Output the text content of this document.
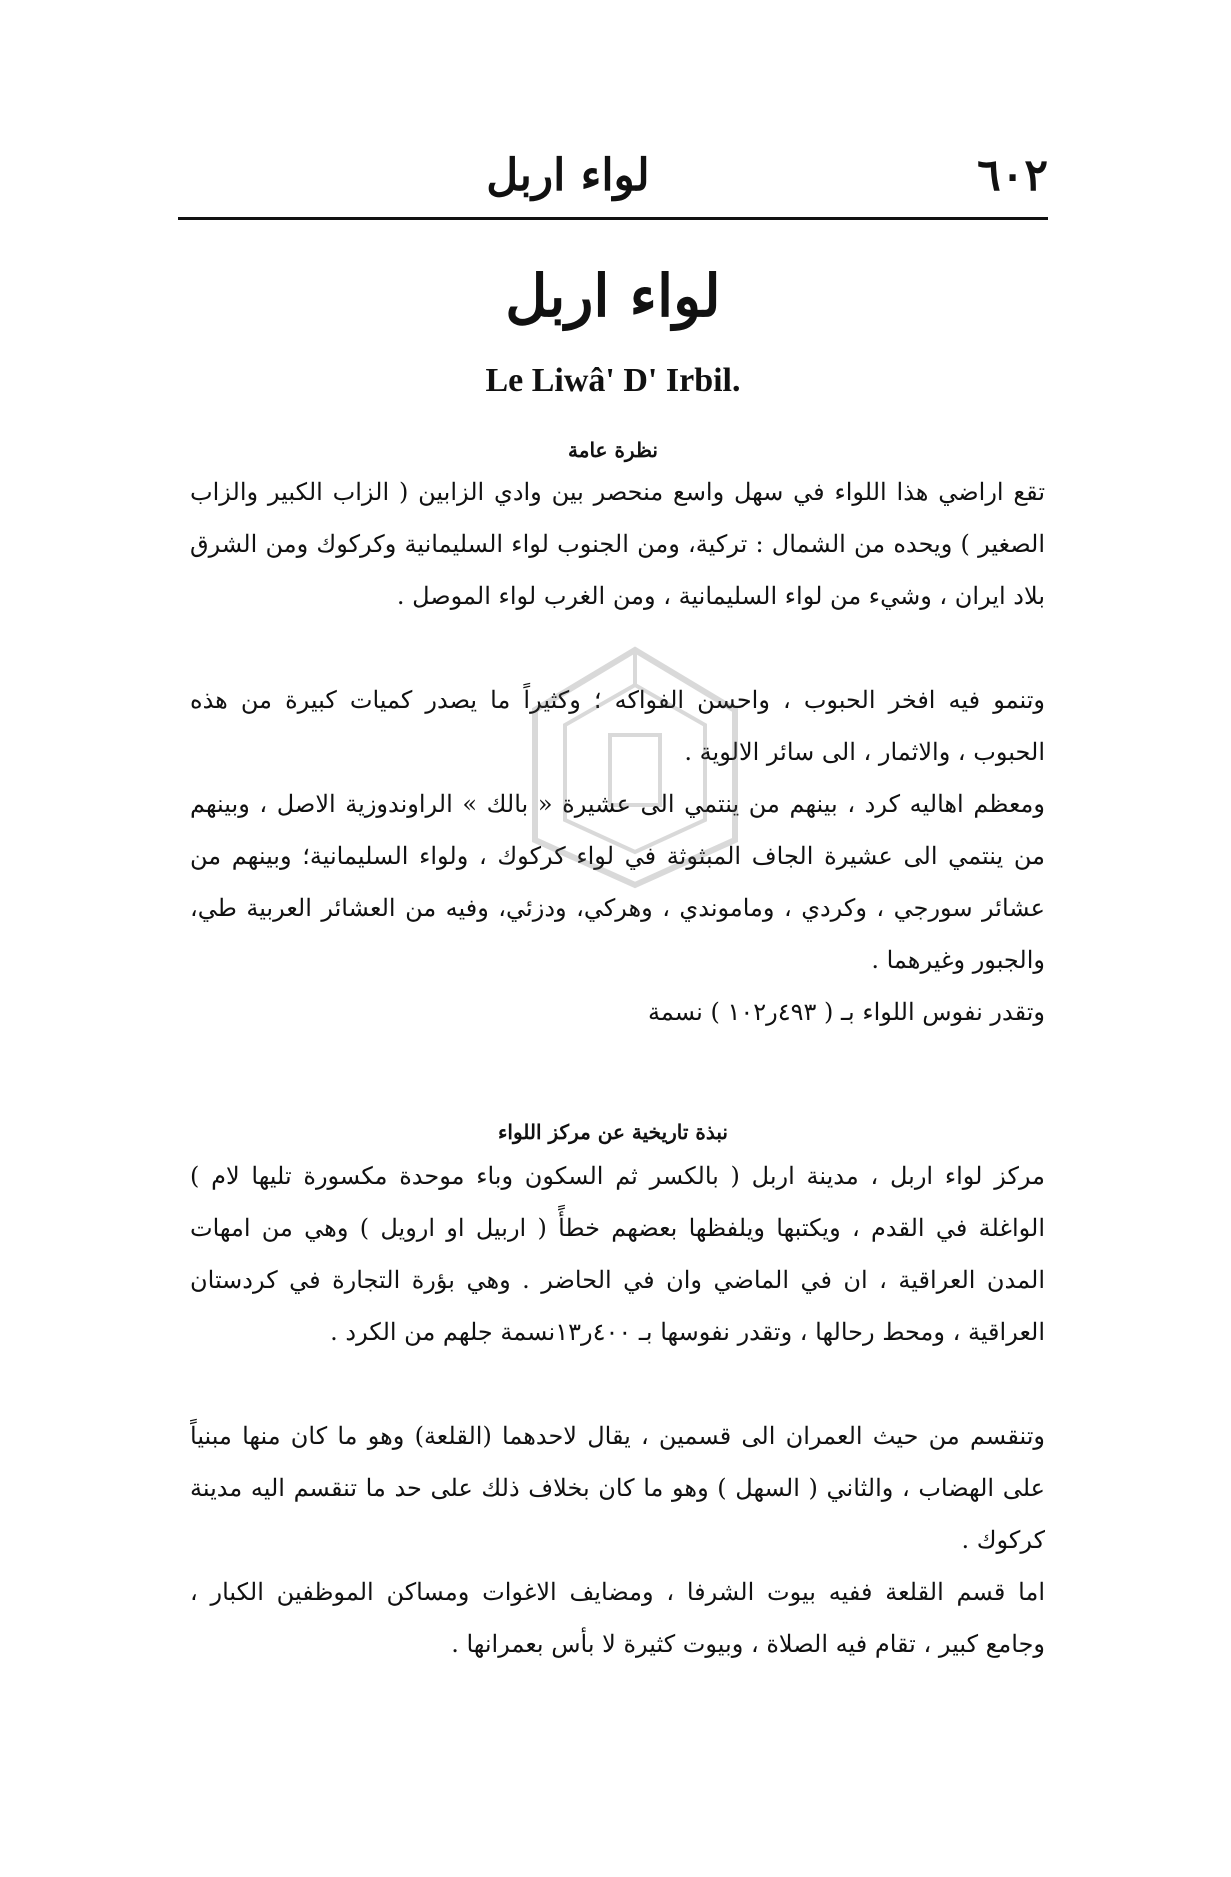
٦٠٢
لواء اربل
لواء اربل
Le Liwâ' D' Irbil.
نظرة عامة

تقع اراضي هذا اللواء في سهل واسع منحصر بين وادي الزابين ( الزاب الكبير والزاب الصغير ) ويحده من الشمال : تركية، ومن الجنوب لواء السليمانية وكركوك ومن الشرق بلاد ايران ، وشيء من لواء السليمانية ، ومن الغرب لواء الموصل .

وتنمو فيه افخر الحبوب ، واحسن الفواكه ؛ وكثيراً ما يصدر كميات كبيرة من هذه الحبوب ، والاثمار ، الى سائر الالوية .

ومعظم اهاليه كرد ، بينهم من ينتمي الى عشيرة « بالك » الراوندوزية الاصل ، وبينهم من ينتمي الى عشيرة الجاف المبثوثة في لواء كركوك ، ولواء السليمانية؛ وبينهم من عشائر سورجي ، وكردي ، وماموندي ، وهركي، ودزئي، وفيه من العشائر العربية طي، والجبور وغيرهما .

وتقدر نفوس اللواء بـ ( ٤٩٣ر١٠٢ ) نسمة

نبذة تاريخية عن مركز اللواء

مركز لواء اربل ، مدينة اربل ( بالكسر ثم السكون وباء موحدة مكسورة تليها لام ) الواغلة في القدم ، ويكتبها ويلفظها بعضهم خطأً ( اربيل او ارويل ) وهي من امهات المدن العراقية ، ان في الماضي وان في الحاضر . وهي بؤرة التجارة في كردستان العراقية ، ومحط رحالها ، وتقدر نفوسها بـ ٤٠٠ر١٣نسمة جلهم من الكرد .

وتنقسم من حيث العمران الى قسمين ، يقال لاحدهما (القلعة) وهو ما كان منها مبنياً على الهضاب ، والثاني ( السهل ) وهو ما كان بخلاف ذلك على حد ما تنقسم اليه مدينة كركوك .

اما قسم القلعة ففيه بيوت الشرفا ، ومضايف الاغوات ومساكن الموظفين الكبار ، وجامع كبير ، تقام فيه الصلاة ، وبيوت كثيرة لا بأس بعمرانها .
